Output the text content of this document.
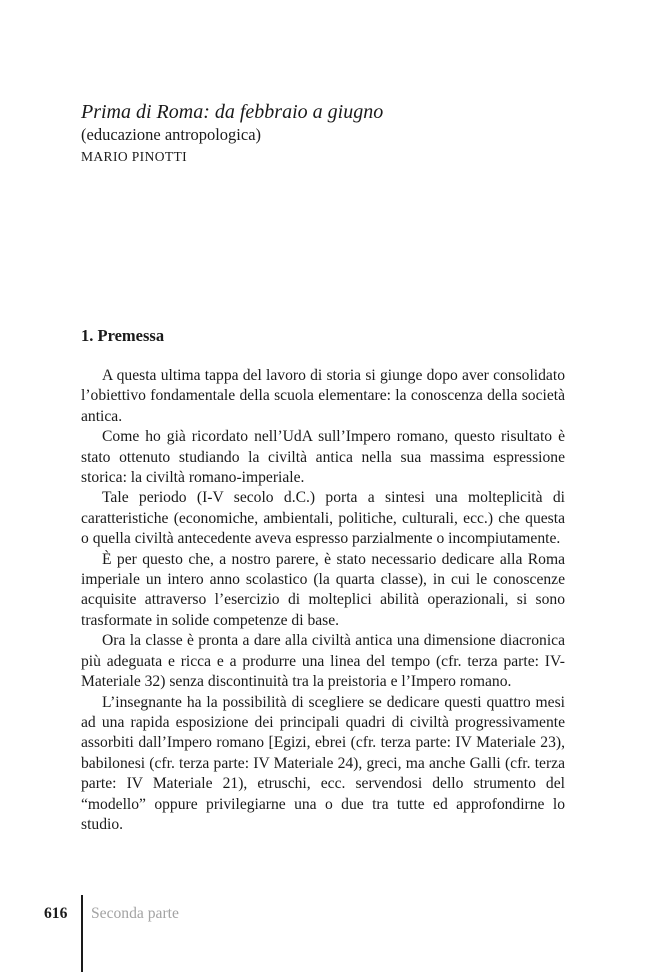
Prima di Roma: da febbraio a giugno

(educazione antropologica)

MARIO PINOTTI

1. Premessa

A questa ultima tappa del lavoro di storia si giunge dopo aver consolidato l’obiettivo fondamentale della scuola elementare: la conoscenza della società antica.

Come ho già ricordato nell’UdA sull’Impero romano, questo risultato è stato ottenuto studiando la civiltà antica nella sua massima espressione storica: la civiltà romano-imperiale.

Tale periodo (I-V secolo d.C.) porta a sintesi una molteplicità di caratteristiche (economiche, ambientali, politiche, culturali, ecc.) che questa o quella civiltà antecedente aveva espresso parzialmente o incompiutamente.

È per questo che, a nostro parere, è stato necessario dedicare alla Roma imperiale un intero anno scolastico (la quarta classe), in cui le conoscenze acquisite attraverso l’esercizio di molteplici abilità operazionali, si sono trasformate in solide competenze di base.

Ora la classe è pronta a dare alla civiltà antica una dimensione diacronica più adeguata e ricca e a produrre una linea del tempo (cfr. terza parte: IV- Materiale 32) senza discontinuità tra la preistoria e l’Impero romano.

L’insegnante ha la possibilità di scegliere se dedicare questi quattro mesi ad una rapida esposizione dei principali quadri di civiltà progressivamente assorbiti dall’Impero romano [Egizi, ebrei (cfr. terza parte: IV Materiale 23), babilonesi (cfr. terza parte: IV Materiale 24), greci, ma anche Galli (cfr. terza parte: IV Materiale 21), etruschi, ecc. servendosi dello strumento del “modello” oppure privilegiarne una o due tra tutte ed approfondirne lo studio.

616 Seconda parte
